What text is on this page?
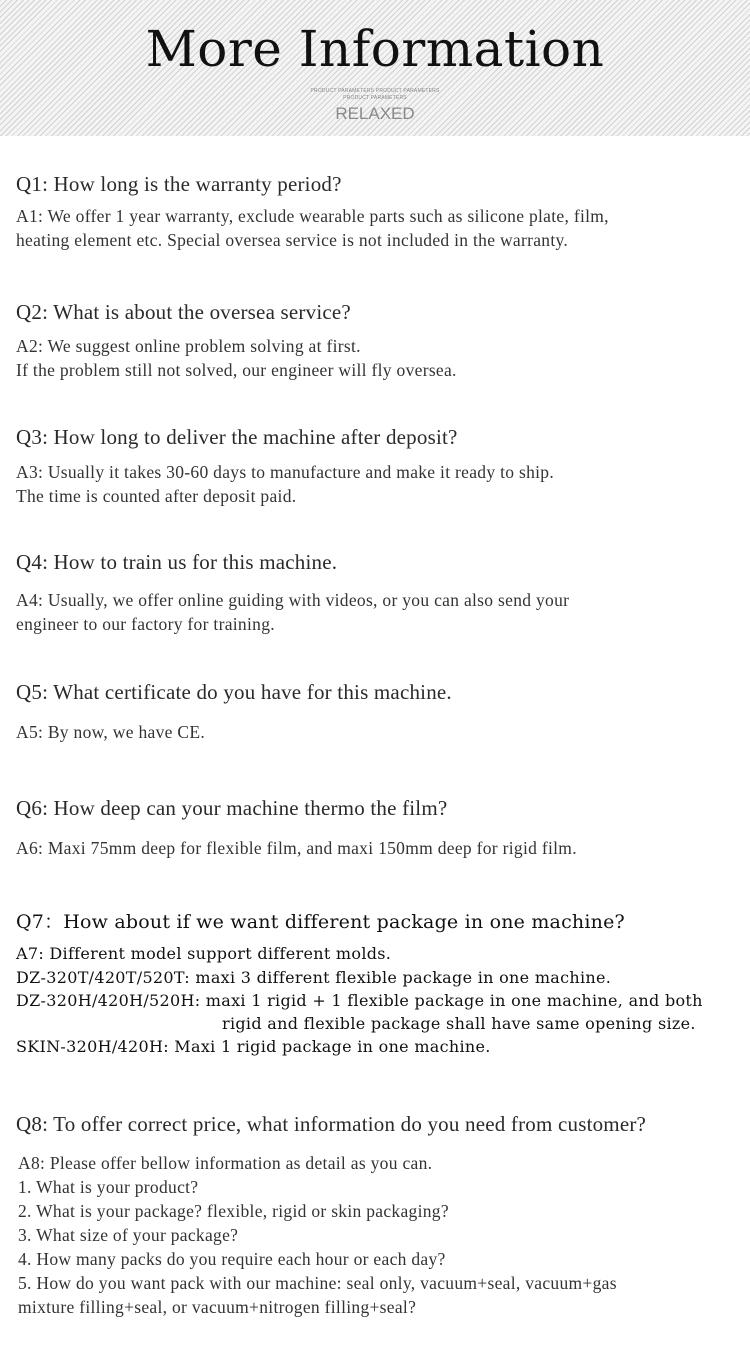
More Information
PRODUCT PARAMETERS PRODUCT PARAMETERS
PRODUCT PARAMETERS
RELAXED
Q1: How long is the warranty period?
A1: We offer 1 year warranty, exclude wearable parts such as silicone plate, film,
heating element etc. Special oversea service is not included in the warranty.
Q2: What is about the oversea service?
A2: We suggest online problem solving at first.
If the problem still not solved, our engineer will fly oversea.
Q3: How long to deliver the machine after deposit?
A3: Usually it takes 30-60 days to manufacture and make it ready to ship.
The time is counted after deposit paid.
Q4: How to train us for this machine.
A4: Usually, we offer online guiding with videos, or you can also send your
engineer to our factory for training.
Q5: What certificate do you have for this machine.
A5: By now, we have CE.
Q6: How deep can your machine thermo the film?
A6: Maxi 75mm deep for flexible film, and maxi 150mm deep for rigid film.
Q7：How about if we want different package in one machine?
A7: Different model support different molds.
DZ-320T/420T/520T: maxi 3 different flexible package in one machine.
DZ-320H/420H/520H: maxi 1 rigid + 1 flexible package in one machine, and both
rigid and flexible package shall have same opening size.
SKIN-320H/420H: Maxi 1 rigid package in one machine.
Q8: To offer correct price, what information do you need from customer?
A8: Please offer bellow information as detail as you can.
1. What is your product?
2. What is your package? flexible, rigid or skin packaging?
3. What size of your package?
4. How many packs do you require each hour or each day?
5. How do you want pack with our machine: seal only, vacuum+seal, vacuum+gas
mixture filling+seal, or vacuum+nitrogen filling+seal?
